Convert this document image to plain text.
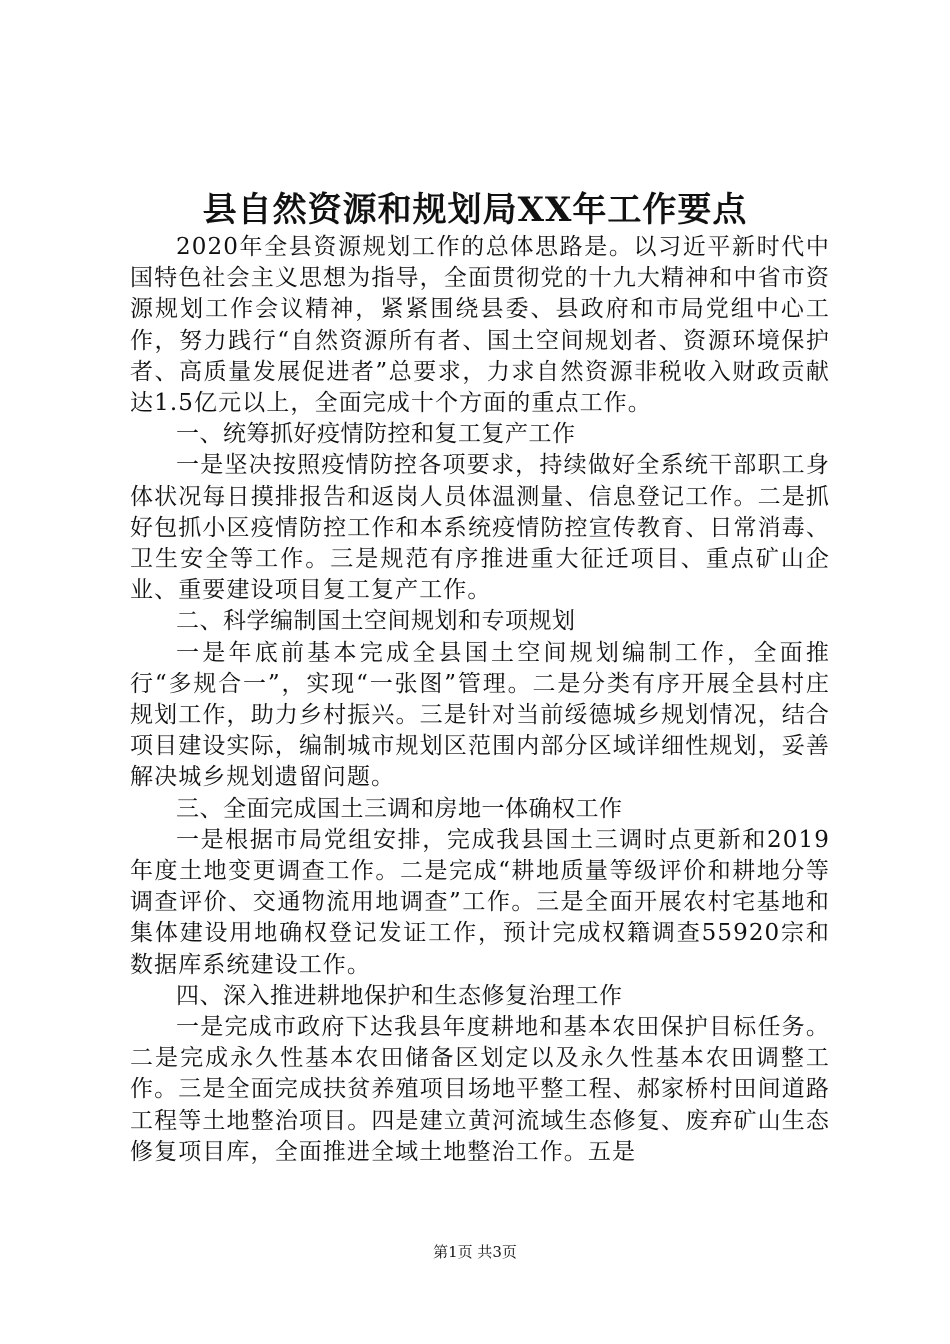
县自然资源和规划局XX年工作要点

2020年全县资源规划工作的总体思路是。以习近平新时代中国特色社会主义思想为指导，全面贯彻党的十九大精神和中省市资源规划工作会议精神，紧紧围绕县委、县政府和市局党组中心工作，努力践行“自然资源所有者、国土空间规划者、资源环境保护者、高质量发展促进者”总要求，力求自然资源非税收入财政贡献达1.5亿元以上，全面完成十个方面的重点工作。

一、统筹抓好疫情防控和复工复产工作

一是坚决按照疫情防控各项要求，持续做好全系统干部职工身体状况每日摸排报告和返岗人员体温测量、信息登记工作。二是抓好包抓小区疫情防控工作和本系统疫情防控宣传教育、日常消毒、卫生安全等工作。三是规范有序推进重大征迁项目、重点矿山企业、重要建设项目复工复产工作。

二、科学编制国土空间规划和专项规划

一是年底前基本完成全县国土空间规划编制工作，全面推行“多规合一”，实现“一张图”管理。二是分类有序开展全县村庄规划工作，助力乡村振兴。三是针对当前绥德城乡规划情况，结合项目建设实际，编制城市规划区范围内部分区域详细性规划，妥善解决城乡规划遗留问题。

三、全面完成国土三调和房地一体确权工作

一是根据市局党组安排，完成我县国土三调时点更新和2019年度土地变更调查工作。二是完成“耕地质量等级评价和耕地分等调查评价、交通物流用地调查”工作。三是全面开展农村宅基地和集体建设用地确权登记发证工作，预计完成权籍调查55920宗和数据库系统建设工作。

四、深入推进耕地保护和生态修复治理工作

一是完成市政府下达我县年度耕地和基本农田保护目标任务。二是完成永久性基本农田储备区划定以及永久性基本农田调整工作。三是全面完成扶贫养殖项目场地平整工程、郝家桥村田间道路工程等土地整治项目。四是建立黄河流域生态修复、废弃矿山生态修复项目库，全面推进全域土地整治工作。五是

第1页 共3页
